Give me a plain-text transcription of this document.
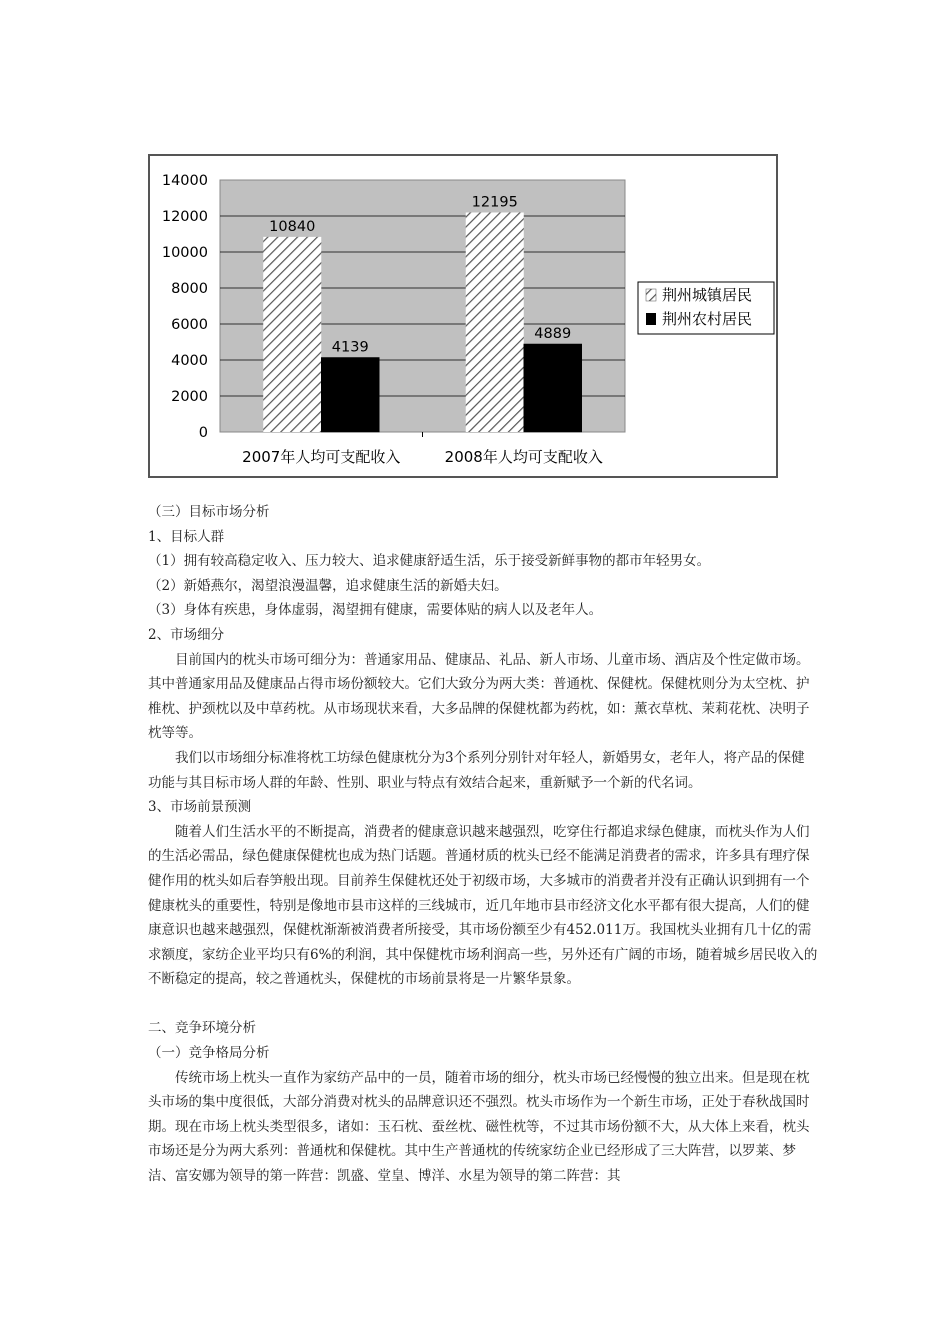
0
2000
4000
6000
8000
10000
12000
14000
10840
4139
12195
4889
2007年人均可支配收入	2008年人均可支配收入
荆州城镇居民
荆州农村居民

（三）目标市场分析

1、目标人群

（1）拥有较高稳定收入、压力较大、追求健康舒适生活，乐于接受新鲜事物的都市年轻男女。

（2）新婚燕尔，渴望浪漫温馨，追求健康生活的新婚夫妇。

（3）身体有疾患，身体虚弱，渴望拥有健康，需要体贴的病人以及老年人。

2、市场细分

目前国内的枕头市场可细分为：普通家用品、健康品、礼品、新人市场、儿童市场、酒店及个性定做市场。其中普通家用品及健康品占得市场份额较大。它们大致分为两大类：普通枕、保健枕。保健枕则分为太空枕、护椎枕、护颈枕以及中草药枕。从市场现状来看，大多品牌的保健枕都为药枕，如：薰衣草枕、茉莉花枕、决明子枕等等。

我们以市场细分标准将枕工坊绿色健康枕分为3个系列分别针对年轻人，新婚男女，老年人，将产品的保健功能与其目标市场人群的年龄、性别、职业与特点有效结合起来，重新赋予一个新的代名词。

3、市场前景预测

随着人们生活水平的不断提高，消费者的健康意识越来越强烈，吃穿住行都追求绿色健康，而枕头作为人们的生活必需品，绿色健康保健枕也成为热门话题。普通材质的枕头已经不能满足消费者的需求，许多具有理疗保健作用的枕头如后春笋般出现。目前养生保健枕还处于初级市场，大多城市的消费者并没有正确认识到拥有一个健康枕头的重要性，特别是像地市县市这样的三线城市，近几年地市县市经济文化水平都有很大提高，人们的健康意识也越来越强烈，保健枕渐渐被消费者所接受，其市场份额至少有452.011万。我国枕头业拥有几十亿的需求额度，家纺企业平均只有6%的利润，其中保健枕市场利润高一些，另外还有广阔的市场，随着城乡居民收入的不断稳定的提高，较之普通枕头，保健枕的市场前景将是一片繁华景象。

二、竞争环境分析

（一）竞争格局分析

传统市场上枕头一直作为家纺产品中的一员，随着市场的细分，枕头市场已经慢慢的独立出来。但是现在枕头市场的集中度很低，大部分消费对枕头的品牌意识还不强烈。枕头市场作为一个新生市场，正处于春秋战国时期。现在市场上枕头类型很多，诸如：玉石枕、蚕丝枕、磁性枕等，不过其市场份额不大，从大体上来看，枕头市场还是分为两大系列：普通枕和保健枕。其中生产普通枕的传统家纺企业已经形成了三大阵营，以罗莱、梦洁、富安娜为领导的第一阵营：凯盛、堂皇、博洋、水星为领导的第二阵营：其
